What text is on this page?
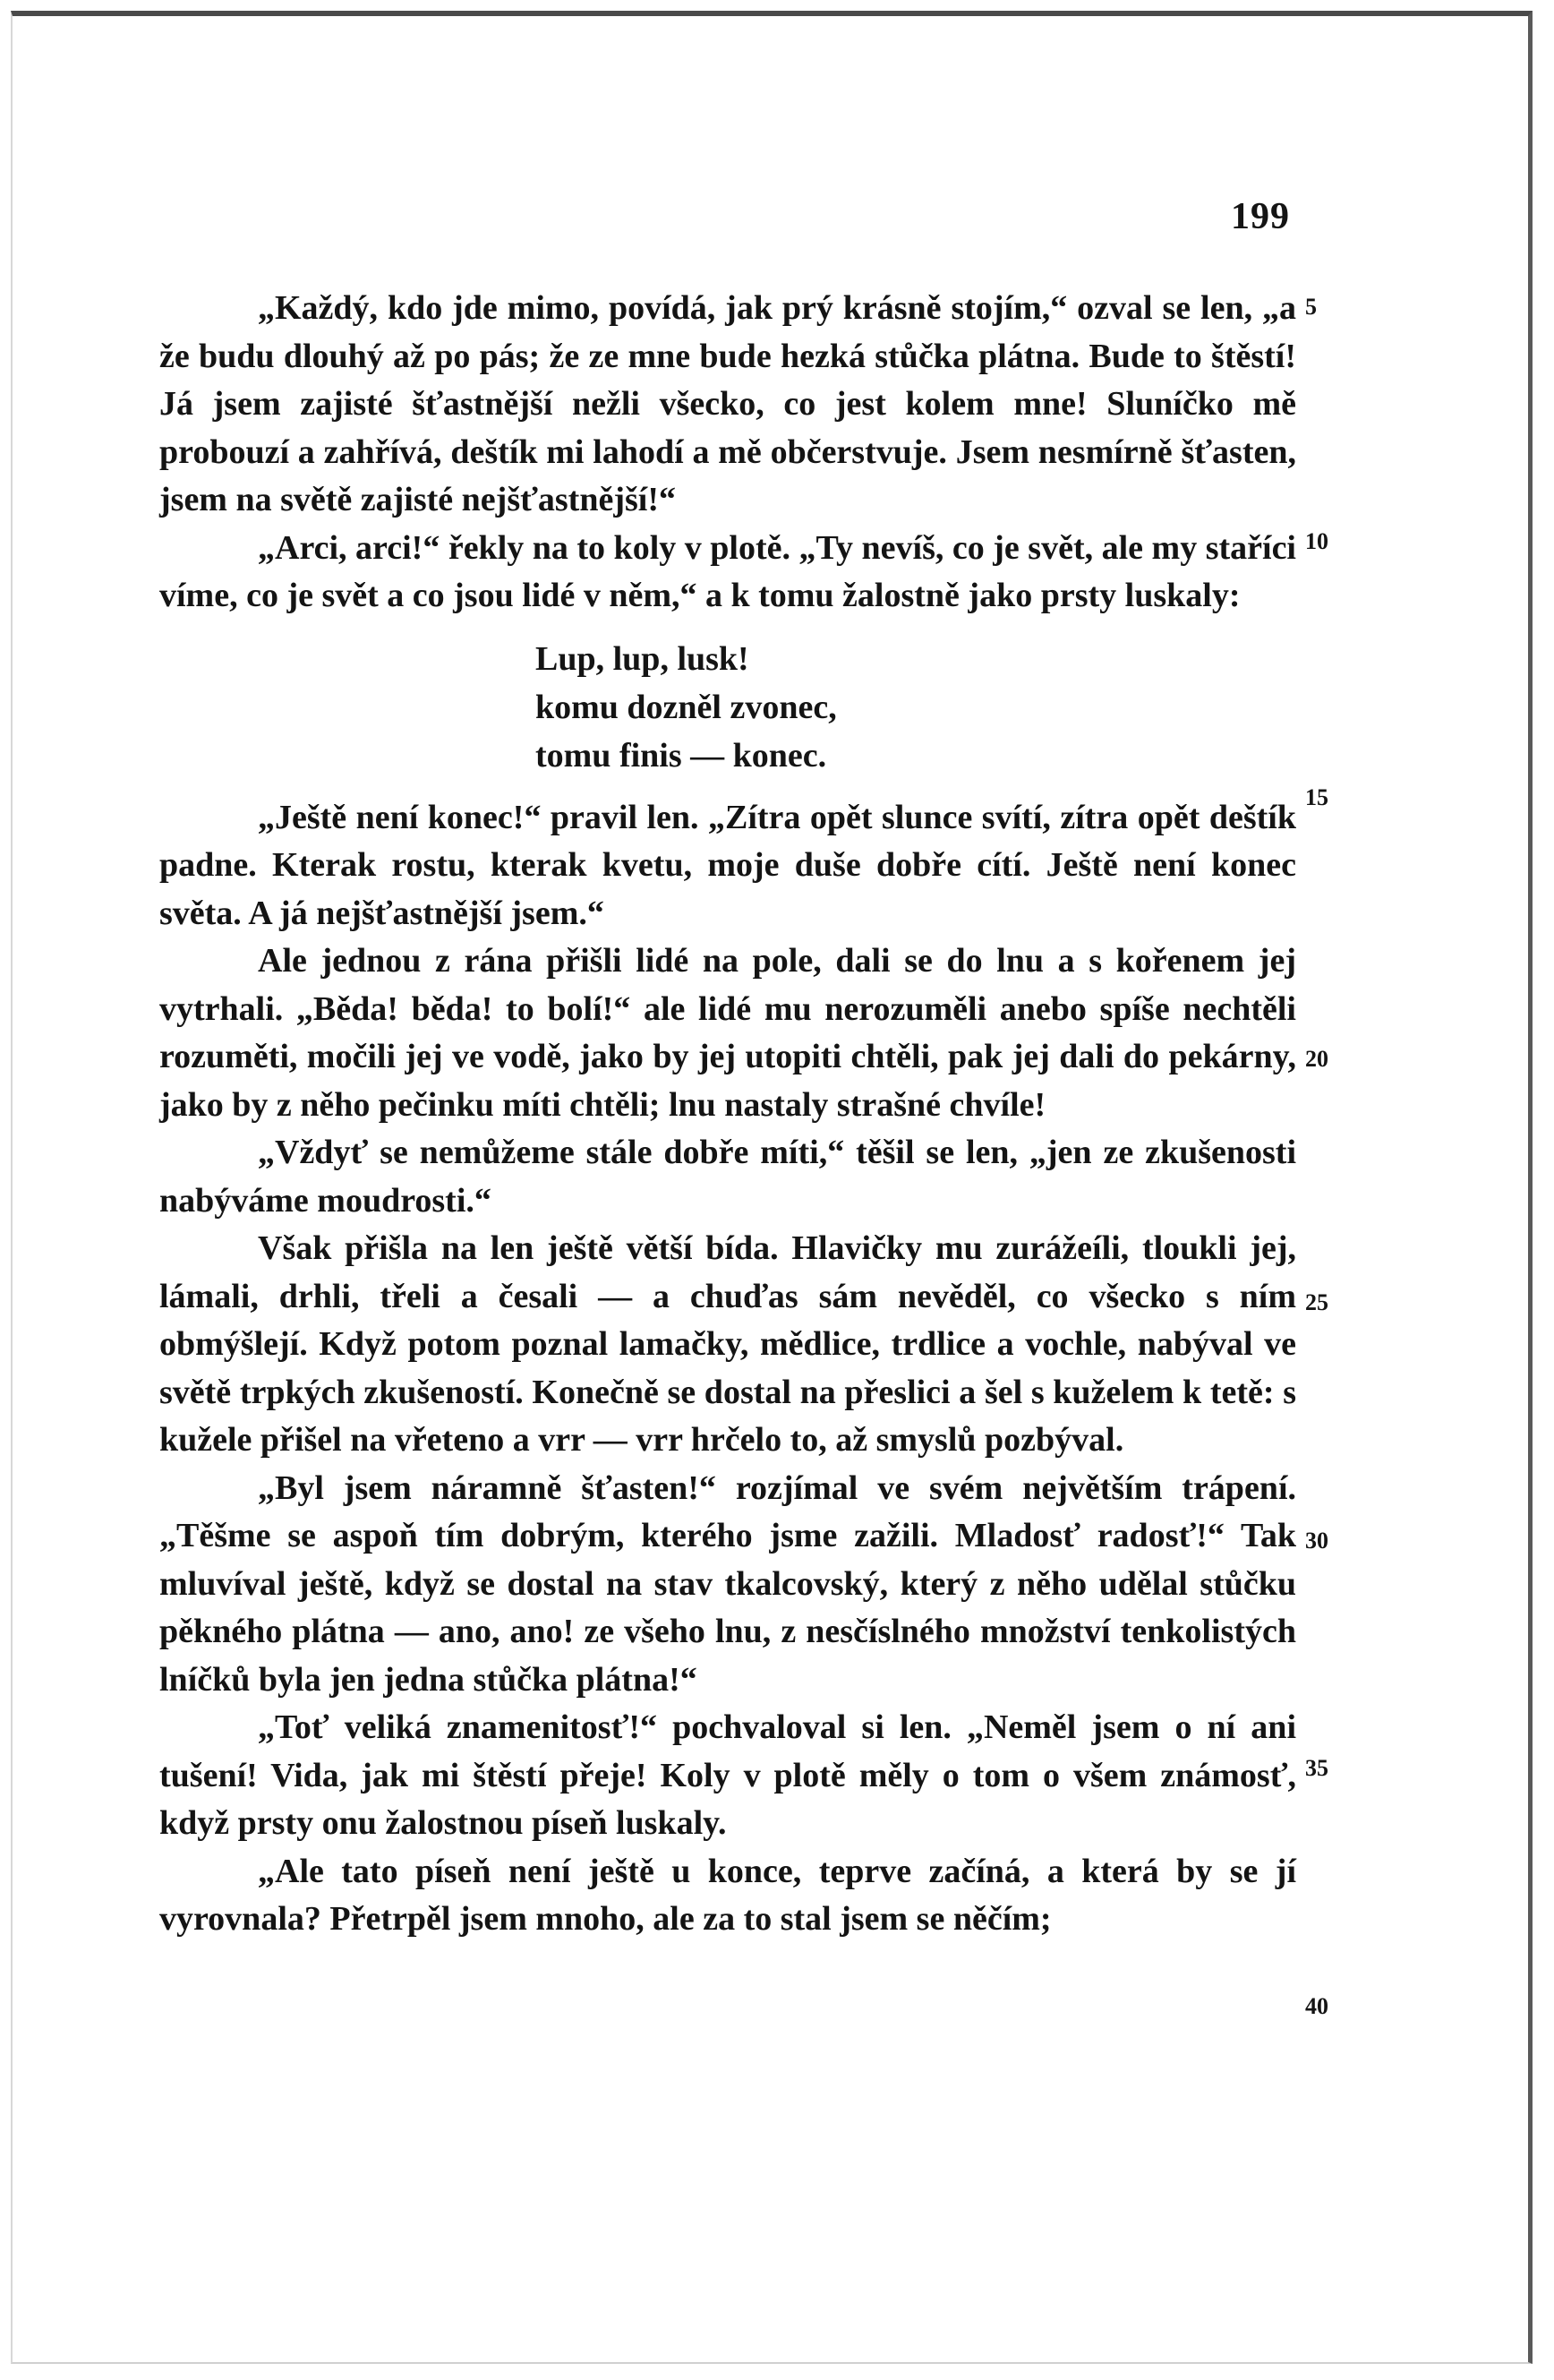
199

„Každý, kdo jde mimo, povídá, jak prý krásně stojím,“ ozval se len, „a že budu dlouhý až po pás; že ze mne bude hezká stůčka plátna. Bude to štěstí! Já jsem zajisté šťastnější nežli všecko, co jest kolem mne! Sluníčko mě probouzí a zahřívá, deštík mi lahodí a mě občerstvuje. Jsem nesmírně šťasten, jsem na světě zajisté nejšťastnější!“

„Arci, arci!“ řekly na to koly v plotě. „Ty nevíš, co je svět, ale my staříci víme, co je svět a co jsou lidé v něm,“ a k tomu žalostně jako prsty luskaly:

Lup, lup, lusk!

komu dozněl zvonec,

tomu finis — konec.

„Ještě není konec!“ pravil len. „Zítra opět slunce svítí, zítra opět deštík padne. Kterak rostu, kterak kvetu, moje duše dobře cítí. Ještě není konec světa. A já nejšťastnější jsem.“

Ale jednou z rána přišli lidé na pole, dali se do lnu a s kořenem jej vytrhali. „Běda! běda! to bolí!“ ale lidé mu nerozuměli anebo spíše nechtěli rozuměti, močili jej ve vodě, jako by jej utopiti chtěli, pak jej dali do pekárny, jako by z něho pečinku míti chtěli; lnu nastaly strašné chvíle!

„Vždyť se nemůžeme stále dobře míti,“ těšil se len, „jen ze zkušenosti nabýváme moudrosti.“

Však přišla na len ještě větší bída. Hlavičky mu zurážeíli, tloukli jej, lámali, drhli, třeli a česali — a chuďas sám nevěděl, co všecko s ním obmýšlejí. Když potom poznal lamačky, mědlice, trdlice a vochle, nabýval ve světě trpkých zkušeností. Konečně se dostal na přeslici a šel s kuželem k tetě: s kužele přišel na vřeteno a vrr — vrr hrčelo to, až smyslů pozbýval.

„Byl jsem náramně šťasten!“ rozjímal ve svém největším trápení. „Těšme se aspoň tím dobrým, kterého jsme zažili. Mladosť radosť!“ Tak mluvíval ještě, když se dostal na stav tkalcovský, který z něho udělal stůčku pěkného plátna — ano, ano! ze všeho lnu, z nesčíslného množství tenkolistých lníčků byla jen jedna stůčka plátna!“

„Toť veliká znamenitosť!“ pochvaloval si len. „Neměl jsem o ní ani tušení! Vida, jak mi štěstí přeje! Koly v plotě měly o tom o všem známosť, když prsty onu žalostnou píseň luskaly.

„Ale tato píseň není ještě u konce, teprve začíná, a která by se jí vyrovnala? Přetrpěl jsem mnoho, ale za to stal jsem se něčím;

5
10
15
20
25
30
35
40
